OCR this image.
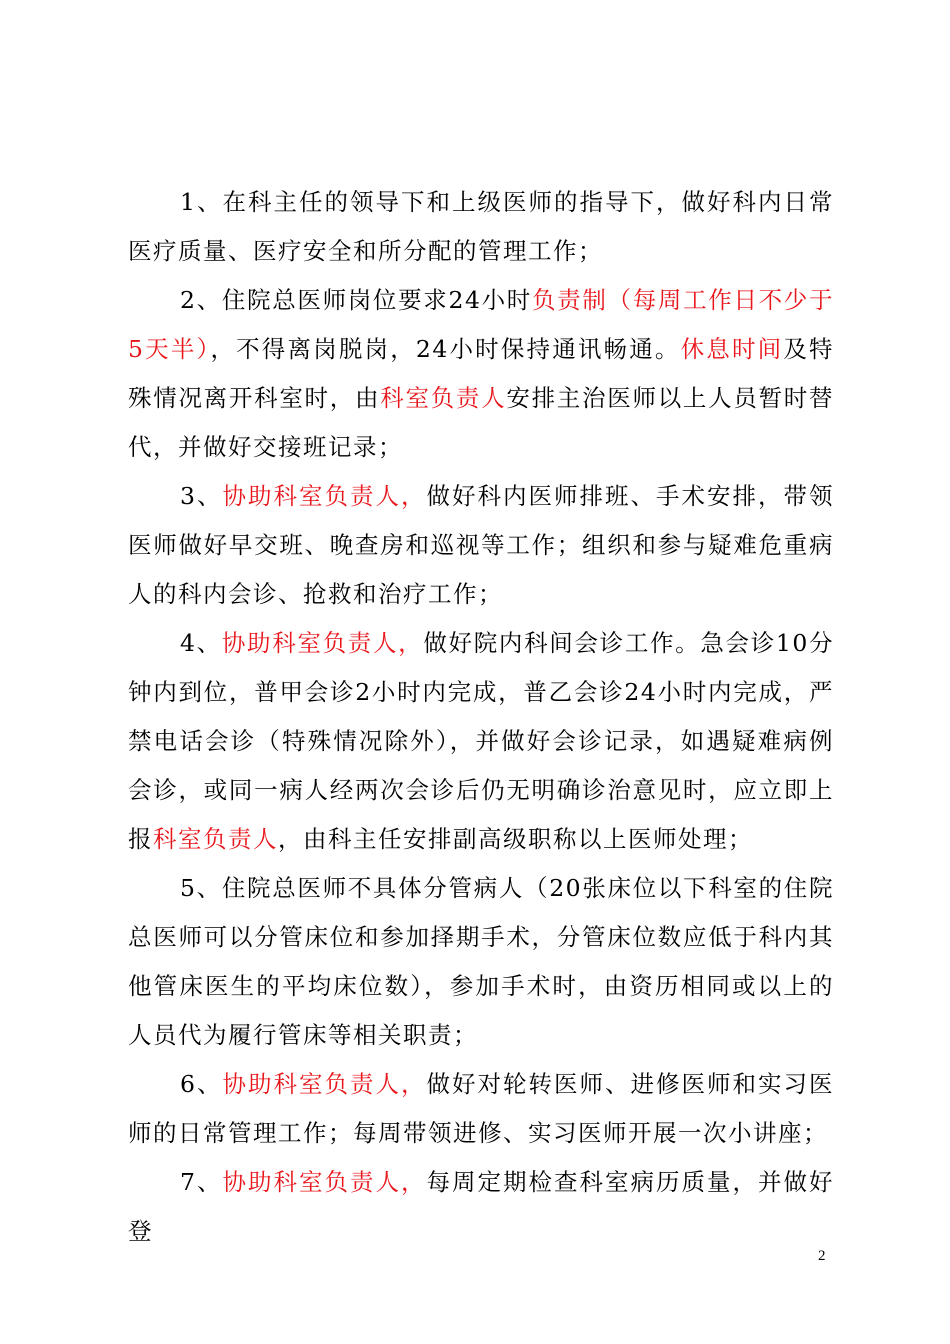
1、在科主任的领导下和上级医师的指导下，做好科内日常医疗质量、医疗安全和所分配的管理工作；

2、住院总医师岗位要求24小时负责制（每周工作日不少于5天半），不得离岗脱岗，24小时保持通讯畅通。休息时间及特殊情况离开科室时，由科室负责人安排主治医师以上人员暂时替代，并做好交接班记录；

3、协助科室负责人，做好科内医师排班、手术安排，带领医师做好早交班、晚查房和巡视等工作；组织和参与疑难危重病人的科内会诊、抢救和治疗工作；

4、协助科室负责人，做好院内科间会诊工作。急会诊10分钟内到位，普甲会诊2小时内完成，普乙会诊24小时内完成，严禁电话会诊（特殊情况除外），并做好会诊记录，如遇疑难病例会诊，或同一病人经两次会诊后仍无明确诊治意见时，应立即上报科室负责人，由科主任安排副高级职称以上医师处理；

5、住院总医师不具体分管病人（20张床位以下科室的住院总医师可以分管床位和参加择期手术，分管床位数应低于科内其他管床医生的平均床位数），参加手术时，由资历相同或以上的人员代为履行管床等相关职责；

6、协助科室负责人，做好对轮转医师、进修医师和实习医师的日常管理工作；每周带领进修、实习医师开展一次小讲座；

7、协助科室负责人，每周定期检查科室病历质量，并做好登

2
